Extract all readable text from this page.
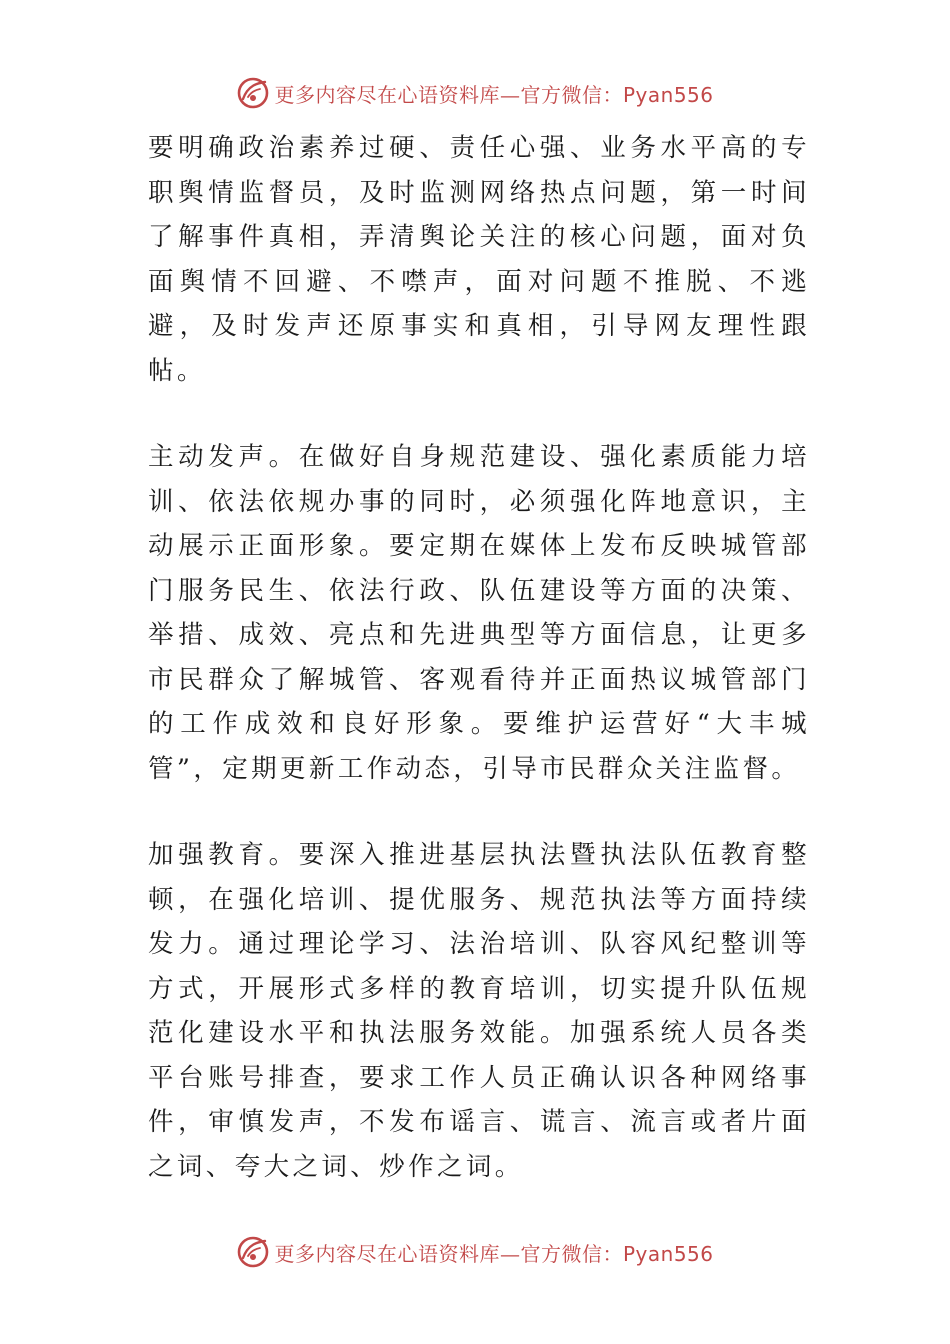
更多内容尽在心语资料库—官方微信：Pyan556

要明确政治素养过硬、责任心强、业务水平高的专职舆情监督员，及时监测网络热点问题，第一时间了解事件真相，弄清舆论关注的核心问题，面对负面舆情不回避、不噤声，面对问题不推脱、不逃避，及时发声还原事实和真相，引导网友理性跟帖。

主动发声。在做好自身规范建设、强化素质能力培训、依法依规办事的同时，必须强化阵地意识，主动展示正面形象。要定期在媒体上发布反映城管部门服务民生、依法行政、队伍建设等方面的决策、举措、成效、亮点和先进典型等方面信息，让更多市民群众了解城管、客观看待并正面热议城管部门的工作成效和良好形象。要维护运营好“大丰城管”，定期更新工作动态，引导市民群众关注监督。

加强教育。要深入推进基层执法暨执法队伍教育整顿，在强化培训、提优服务、规范执法等方面持续发力。通过理论学习、法治培训、队容风纪整训等方式，开展形式多样的教育培训，切实提升队伍规范化建设水平和执法服务效能。加强系统人员各类平台账号排查，要求工作人员正确认识各种网络事件，审慎发声，不发布谣言、谎言、流言或者片面之词、夸大之词、炒作之词。

更多内容尽在心语资料库—官方微信：Pyan556
